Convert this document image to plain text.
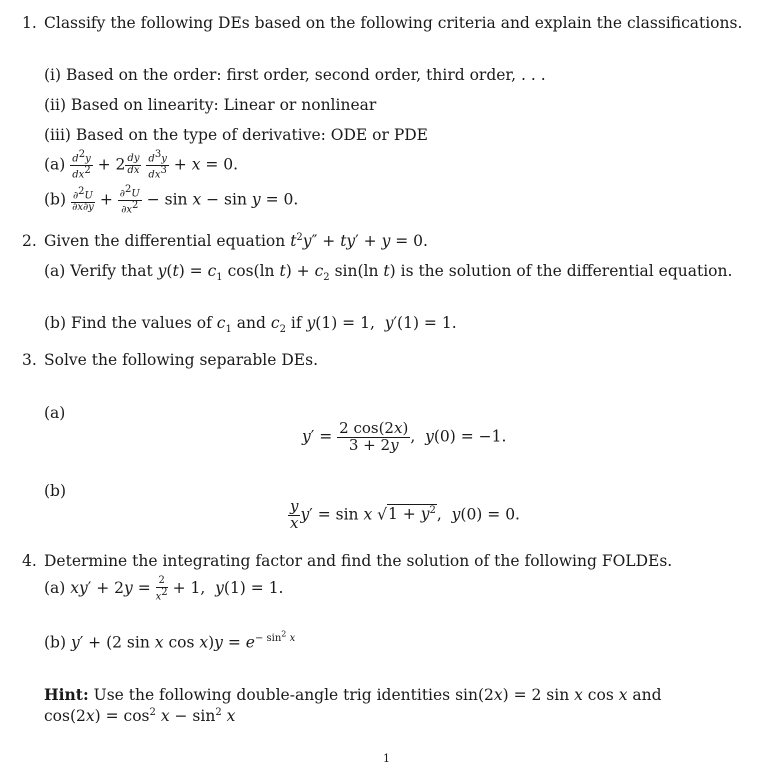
1. Classify the following DEs based on the following criteria and explain the classifications.
(i) Based on the order: first order, second order, third order, . . .
(ii) Based on linearity: Linear or nonlinear
(iii) Based on the type of derivative: ODE or PDE
$(a) \frac{d^2y}{dx^2} + 2 \frac{dy}{dx}$
$\frac{d^3y}{dx^3} + x = 0$.
$(b) \frac{\partial^2U}{\partial x\partial y} + \frac{\partial^2U}{\partial x^2} - \sin x - \sin y = 0$.
2. Given the differential equation $t^2y'' + ty' + y = 0$.
(a) Verify that $y(t) = c_1$ cos(ln $t) + c_2$ sin(ln t) is the solution of the differential equation.
(b) Find the values of $c_1$ and $c_2$ if y(1) = 1,  y′(1) = 1.
3. Solve the following separable DEs.
(a)
$y' = \frac{2 \cos(2x)}{3 + 2y}$ ,  y(0) = −1.
(b)
$\frac{y}{x} y' = \sin x$ $√1 + y^2$,  y(0) = 0.
4. Determine the integrating factor and find the solution of the following FOLDEs.
(a) $xy' + 2y = \frac{2}{x^2} + 1$,  y(1) = 1.
(b) y′ + (2 sin x $\cos x)y = e^{- sin^2 x}$
Hint: Use the following double-angle trig identities sin(2x) = 2 sin x cos x and
$\cos(2x) = \cos^2 x - \sin^2 x$
1
